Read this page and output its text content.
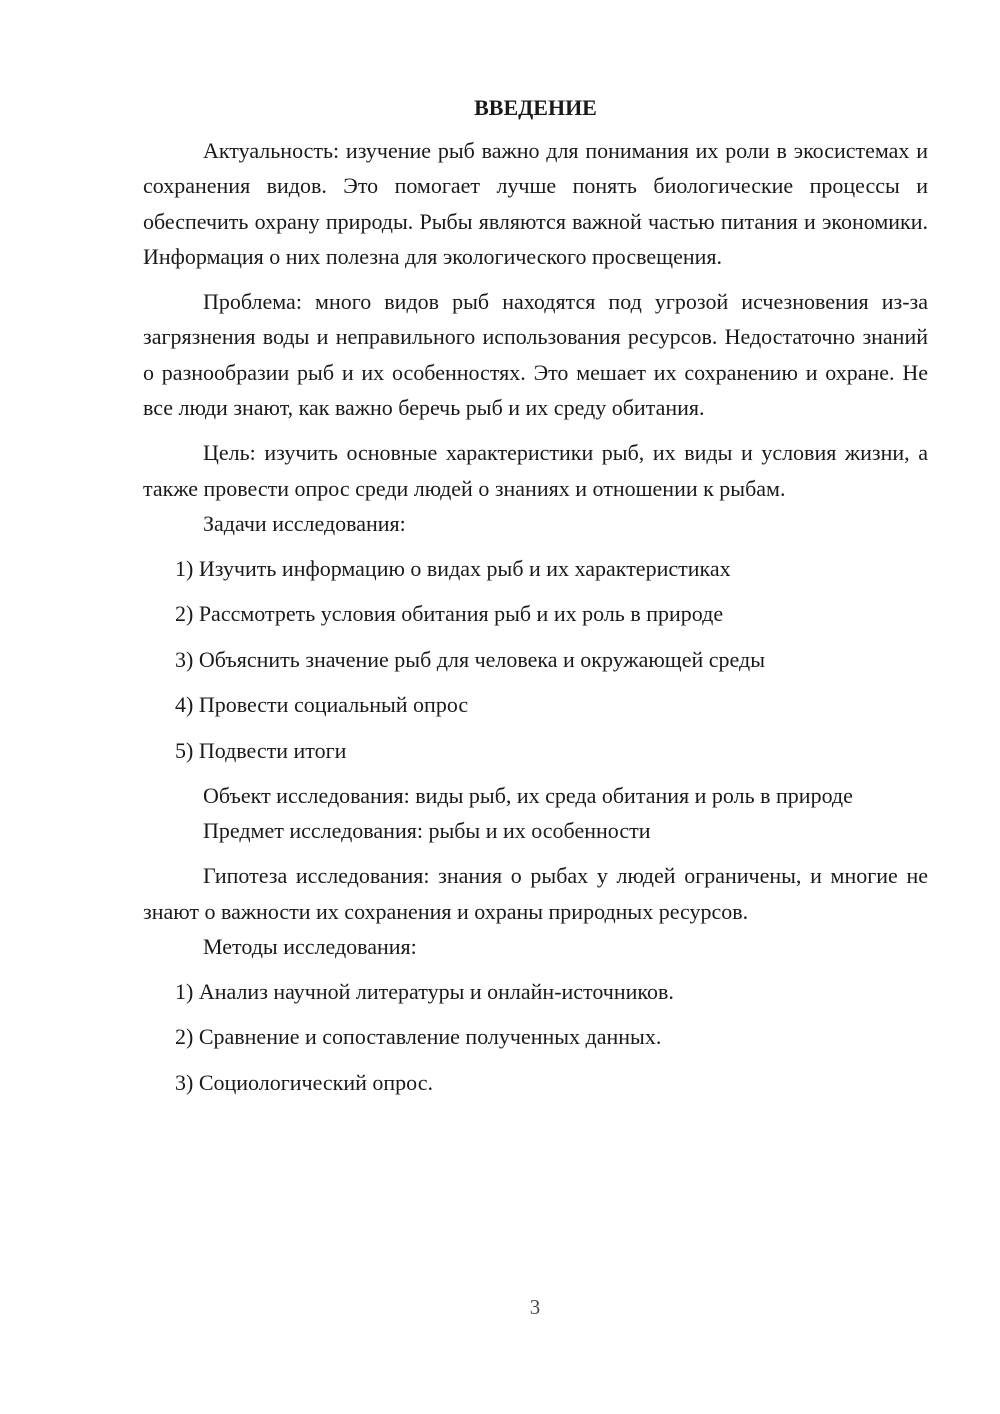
ВВЕДЕНИЕ

Актуальность: изучение рыб важно для понимания их роли в экосистемах и сохранения видов. Это помогает лучше понять биологические процессы и обеспечить охрану природы. Рыбы являются важной частью питания и экономики. Информация о них полезна для экологического просвещения.

Проблема: много видов рыб находятся под угрозой исчезновения из-за загрязнения воды и неправильного использования ресурсов. Недостаточно знаний о разнообразии рыб и их особенностях. Это мешает их сохранению и охране. Не все люди знают, как важно беречь рыб и их среду обитания.

Цель: изучить основные характеристики рыб, их виды и условия жизни, а также провести опрос среди людей о знаниях и отношении к рыбам.

Задачи исследования:

1) Изучить информацию о видах рыб и их характеристиках
2) Рассмотреть условия обитания рыб и их роль в природе
3) Объяснить значение рыб для человека и окружающей среды
4) Провести социальный опрос
5) Подвести итоги

Объект исследования: виды рыб, их среда обитания и роль в природе

Предмет исследования: рыбы и их особенности

Гипотеза исследования: знания о рыбах у людей ограничены, и многие не знают о важности их сохранения и охраны природных ресурсов.

Методы исследования:

1) Анализ научной литературы и онлайн-источников.
2) Сравнение и сопоставление полученных данных.
3) Социологический опрос.
3
